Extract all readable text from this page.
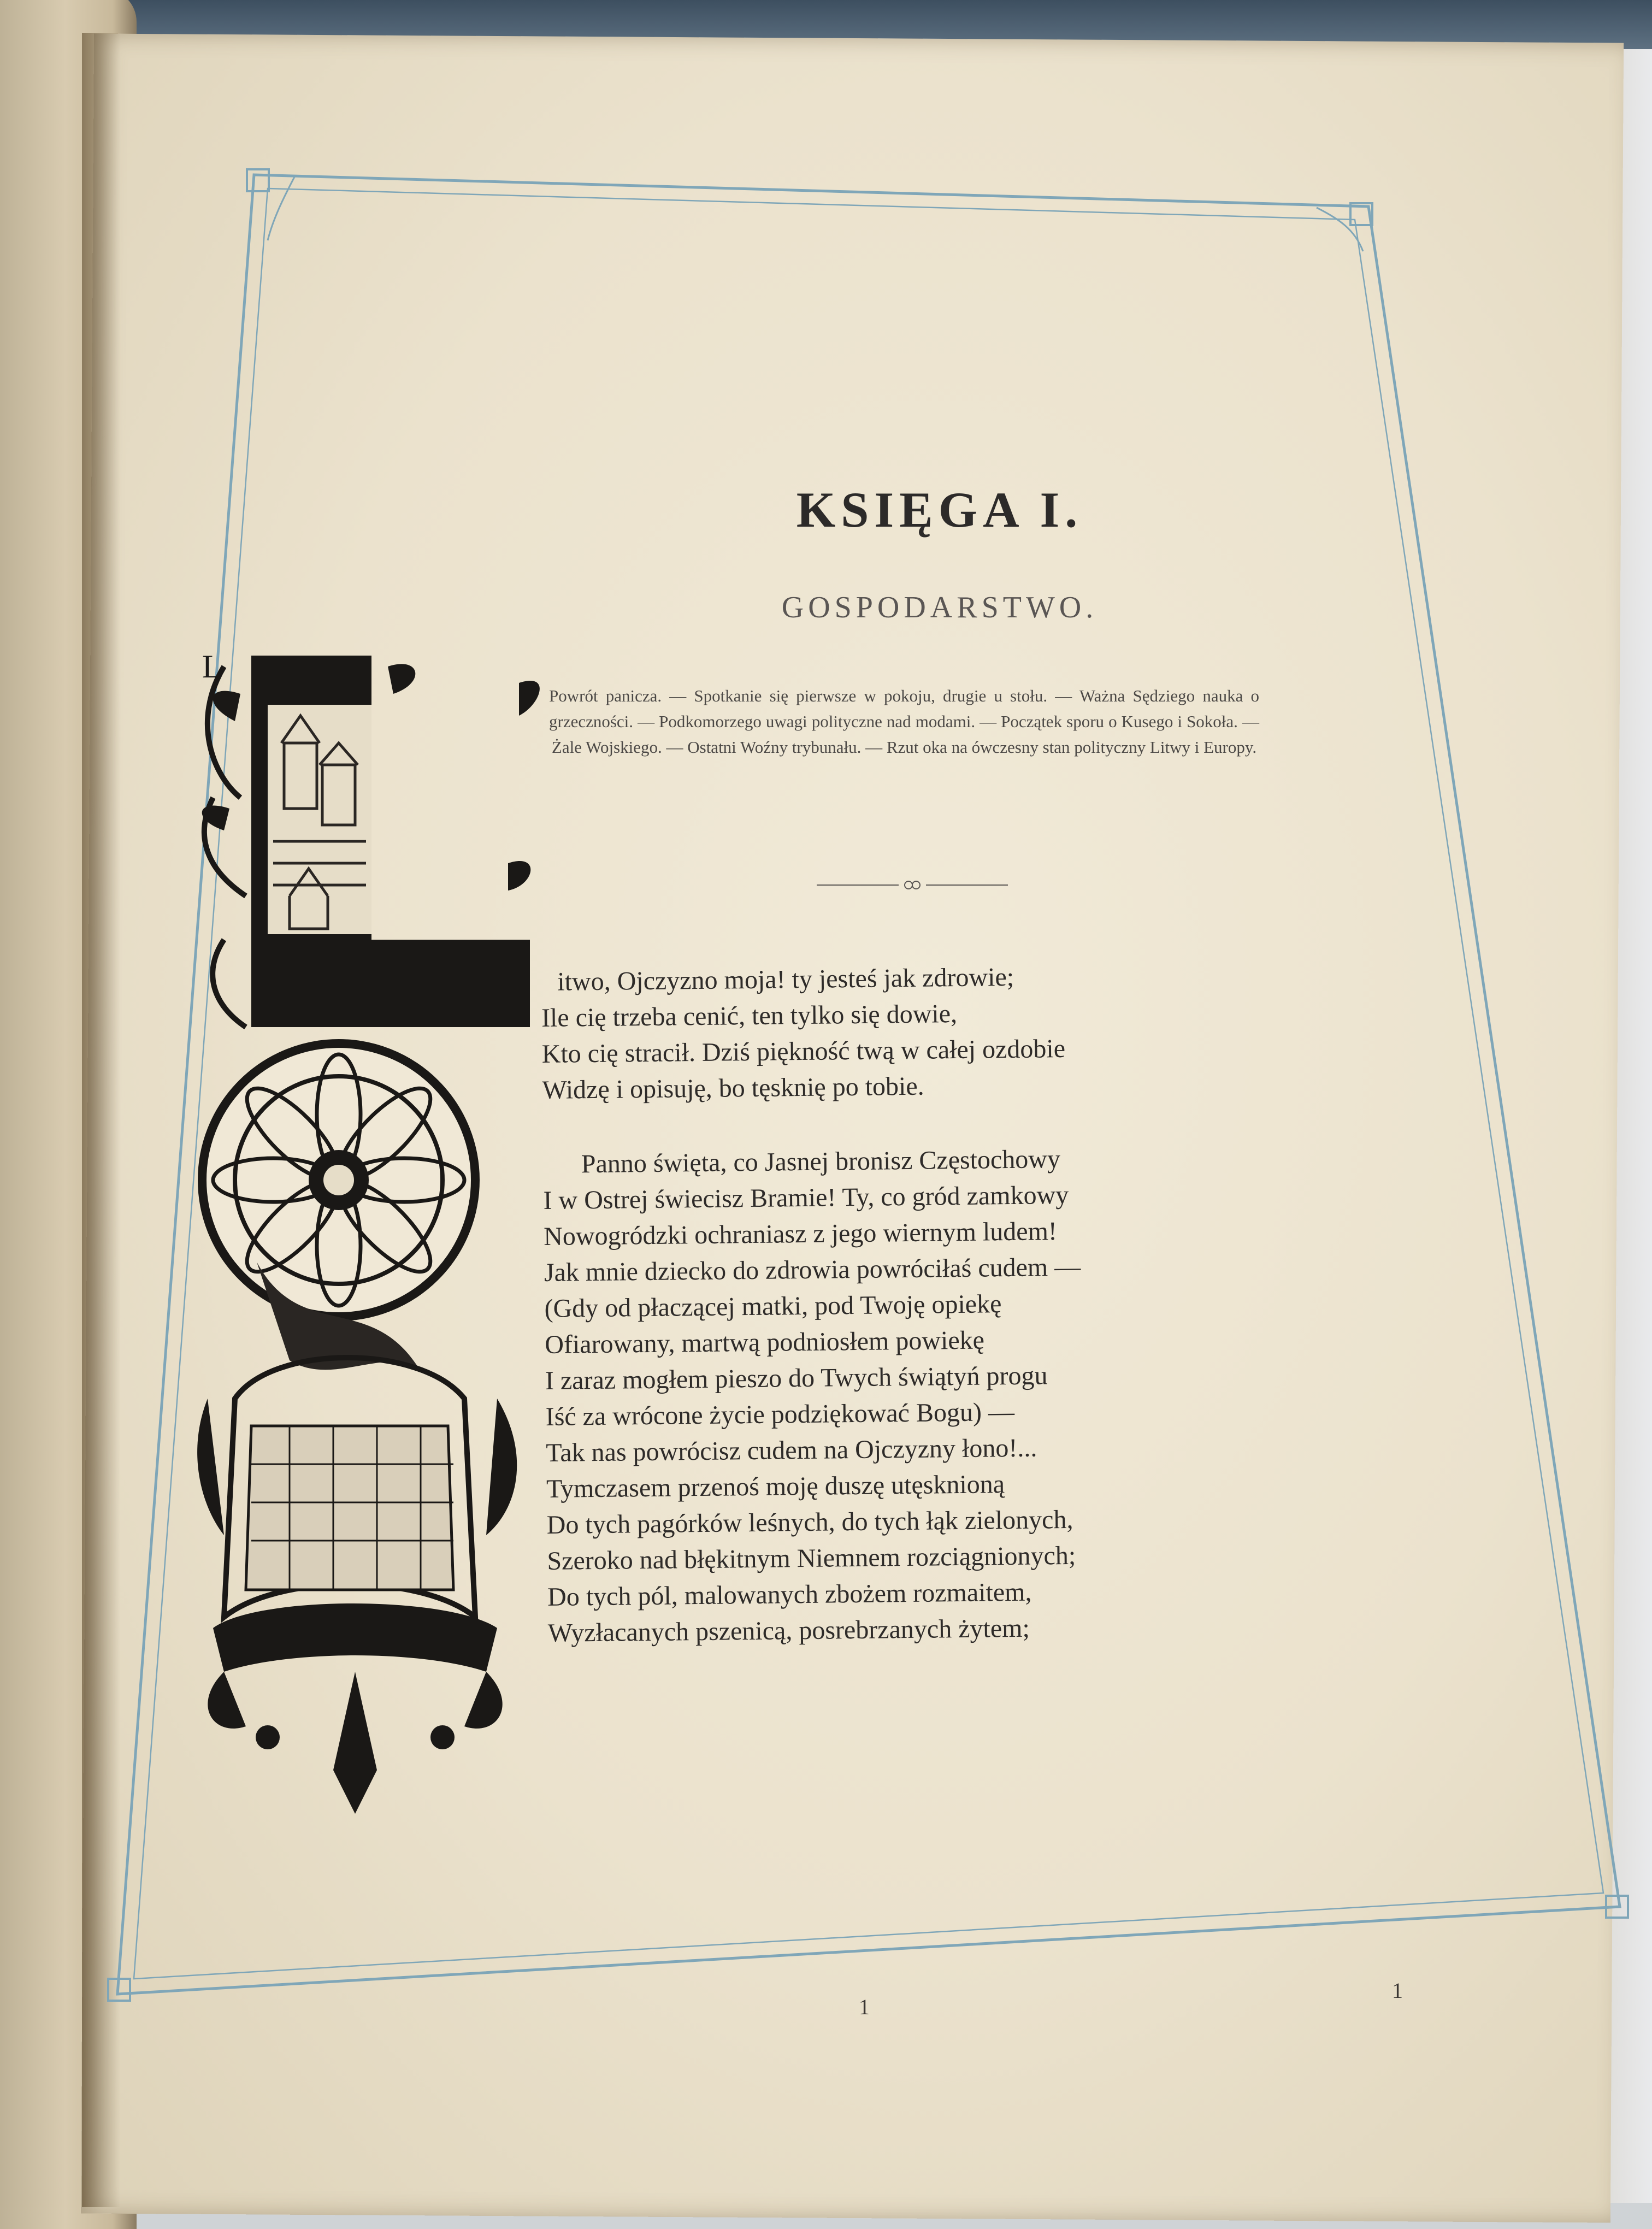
KSIĘGA I.
GOSPODARSTWO.
Powrót panicza. — Spotkanie się pierwsze w pokoju, drugie u stołu. — Ważna Sędziego nauka o grzeczności. — Podkomorzego uwagi polityczne nad modami. — Początek sporu o Kusego i Sokoła. — Żale Wojskiego. — Ostatni Woźny trybunału. — Rzut oka na ówczesny stan polityczny Litwy i Europy.
L
itwo, Ojczyzno moja! ty jesteś jak zdrowie;
Ile cię trzeba cenić, ten tylko się dowie,
Kto cię stracił. Dziś piękność twą w całej ozdobie
Widzę i opisuję, bo tęsknię po tobie.
Panno święta, co Jasnej bronisz Częstochowy
I w Ostrej świecisz Bramie! Ty, co gród zamkowy
Nowogródzki ochraniasz z jego wiernym ludem!
Jak mnie dziecko do zdrowia powróciłaś cudem —
(Gdy od płaczącej matki, pod Twoję opiekę
Ofiarowany, martwą podniosłem powiekę
I zaraz mogłem pieszo do Twych świątyń progu
Iść za wrócone życie podziękować Bogu) —
Tak nas powrócisz cudem na Ojczyzny łono!...
Tymczasem przenoś moję duszę utęsknioną
Do tych pagórków leśnych, do tych łąk zielonych,
Szeroko nad błękitnym Niemnem rozciągnionych;
Do tych pól, malowanych zbożem rozmaitem,
Wyzłacanych pszenicą, posrebrzanych żytem;
1
1
